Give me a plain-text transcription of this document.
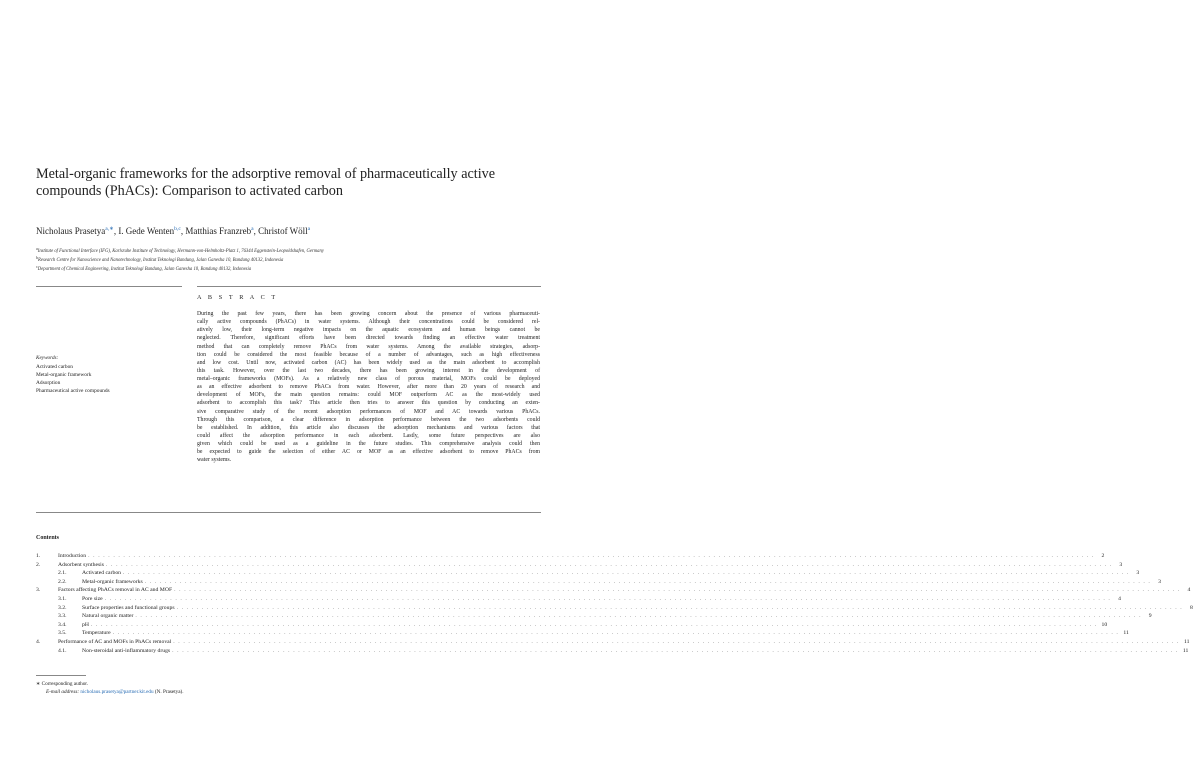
Metal-organic frameworks for the adsorptive removal of pharmaceutically active compounds (PhACs): Comparison to activated carbon
Nicholaus Prasetya$^{a,∗}$, I. Gede Wenten$^{b,c}$, Matthias Franzreb$^a$, Christof Wöll$^a$
$^a$Institute of Functional Interface (IFG), Karlsruhe Institute of Technology, Hermann-von-Helmholtz-Platz 1, 76344 Eggenstein-Leopoldshafen, Germany
$^b$Research Centre for Nanoscience and Nanotechnology, Institut Teknologi Bandung, Jalan Ganesha 10, Bandung 40132, Indonesia
$^c$Department of Chemical Engineering, Institut Teknologi Bandung, Jalan Ganesha 10, Bandung 40132, Indonesia
A B S T R A C T
Keywords:
Activated carbon
Metal-organic framework
Adsorption
Pharmaceutical active compounds
During the past few years, there has been growing concern about the presence of various pharmaceuti-
cally active compounds (PhACs) in water systems. Although their concentrations could be considered rel-
atively low, their long-term negative impacts on the aquatic ecosystem and human beings cannot be
neglected. Therefore, significant efforts have been directed towards finding an effective water treatment
method that can completely remove PhACs from water systems. Among the available strategies, adsorp-
tion could be considered the most feasible because of a number of advantages, such as high effectiveness
and low cost. Until now, activated carbon (AC) has been widely used as the main adsorbent to accomplish
this task. However, over the last two decades, there has been growing interest in the development of
metal–organic frameworks (MOFs). As a relatively new class of porous material, MOFs could be deployed
as an effective adsorbent to remove PhACs from water. However, after more than 20 years of research and
development of MOFs, the main question remains: could MOF outperform AC as the most-widely used
adsorbent to accomplish this task? This article then tries to answer this question by conducting an exten-
sive comparative study of the recent adsorption performances of MOF and AC towards various PhACs.
Through this comparison, a clear difference in adsorption performance between the two adsorbents could
be established. In addition, this article also discusses the adsorption mechanisms and various factors that
could affect the adsorption performance in each adsorbent. Lastly, some future perspectives are also
given which could be used as a guideline in the future studies. This comprehensive analysis could then
be expected to guide the selection of either AC or MOF as an effective adsorbent to remove PhACs from
water systems.
Contents
1.	Introduction . . . . . . . . . . . . . . . . . . . . . . . . . . . . . . . . . . . . . . . . . . . . . . . . . . . . . . . . . . . . . . . . . . . . . . . . . . . . . . . . . . . . . . . . . . . . . . . . . . . . . . . . . . . . . . . . . . . . . . . . . . . . . . . . . . . . . . . . . . . . . . . . . . . . . . . . . . . . . . . . . . . . . . . . . . . . . . . . . . . . . . . . . . . . . . . . . . . . . . . .	2
2.	Adsorbent synthesis . . . . . . . . . . . . . . . . . . . . . . . . . . . . . . . . . . . . . . . . . . . . . . . . . . . . . . . . . . . . . . . . . . . . . . . . . . . . . . . . . . . . . . . . . . . . . . . . . . . . . . . . . . . . . . . . . . . . . . . . . . . . . . . . . . . . . . . . . . . . . . . . . . . . . . . . . . . . . . . . . . . . . . . . . . . . . . . . . . . . . . . . . . . . . . . . . . . . . . . .	3
2.1.	Activated carbon . . . . . . . . . . . . . . . . . . . . . . . . . . . . . . . . . . . . . . . . . . . . . . . . . . . . . . . . . . . . . . . . . . . . . . . . . . . . . . . . . . . . . . . . . . . . . . . . . . . . . . . . . . . . . . . . . . . . . . . . . . . . . . . . . . . . . . . . . . . . . . . . . . . . . . . . . . . . . . . . . . . . . . . . . . . . . . . . . . . . . . . . . . . . . . . . . . . . . . . .	3
2.2.	Metal-organic frameworks . . . . . . . . . . . . . . . . . . . . . . . . . . . . . . . . . . . . . . . . . . . . . . . . . . . . . . . . . . . . . . . . . . . . . . . . . . . . . . . . . . . . . . . . . . . . . . . . . . . . . . . . . . . . . . . . . . . . . . . . . . . . . . . . . . . . . . . . . . . . . . . . . . . . . . . . . . . . . . . . . . . . . . . . . . . . . . . . . . . . . . . . . . . . . . . . . . . . . . . .	3
3.	Factors affecting PhACs removal in AC and MOF . . . . . . . . . . . . . . . . . . . . . . . . . . . . . . . . . . . . . . . . . . . . . . . . . . . . . . . . . . . . . . . . . . . . . . . . . . . . . . . . . . . . . . . . . . . . . . . . . . . . . . . . . . . . . . . . . . . . . . . . . . . . . . . . . . . . . . . . . . . . . . . . . . . . . . . . . . . . . . . . . . . . . . . . . . . . . . . . . . . . . . . . . . . . . . . . . . . . . . . .	4
3.1.	Pore size . . . . . . . . . . . . . . . . . . . . . . . . . . . . . . . . . . . . . . . . . . . . . . . . . . . . . . . . . . . . . . . . . . . . . . . . . . . . . . . . . . . . . . . . . . . . . . . . . . . . . . . . . . . . . . . . . . . . . . . . . . . . . . . . . . . . . . . . . . . . . . . . . . . . . . . . . . . . . . . . . . . . . . . . . . . . . . . . . . . . . . . . . . . . . . . . . . . . . . . .	4
3.2.	Surface properties and functional groups . . . . . . . . . . . . . . . . . . . . . . . . . . . . . . . . . . . . . . . . . . . . . . . . . . . . . . . . . . . . . . . . . . . . . . . . . . . . . . . . . . . . . . . . . . . . . . . . . . . . . . . . . . . . . . . . . . . . . . . . . . . . . . . . . . . . . . . . . . . . . . . . . . . . . . . . . . . . . . . . . . . . . . . . . . . . . . . . . . . . . . . . . . . . . . . . . . . . . . . .	8
3.3.	Natural organic matter . . . . . . . . . . . . . . . . . . . . . . . . . . . . . . . . . . . . . . . . . . . . . . . . . . . . . . . . . . . . . . . . . . . . . . . . . . . . . . . . . . . . . . . . . . . . . . . . . . . . . . . . . . . . . . . . . . . . . . . . . . . . . . . . . . . . . . . . . . . . . . . . . . . . . . . . . . . . . . . . . . . . . . . . . . . . . . . . . . . . . . . . . . . . . . . . . . . . . . . .	9
3.4.	pH . . . . . . . . . . . . . . . . . . . . . . . . . . . . . . . . . . . . . . . . . . . . . . . . . . . . . . . . . . . . . . . . . . . . . . . . . . . . . . . . . . . . . . . . . . . . . . . . . . . . . . . . . . . . . . . . . . . . . . . . . . . . . . . . . . . . . . . . . . . . . . . . . . . . . . . . . . . . . . . . . . . . . . . . . . . . . . . . . . . . . . . . . . . . . . . . . . . . . . . . 10
3.5.	Temperature . . . . . . . . . . . . . . . . . . . . . . . . . . . . . . . . . . . . . . . . . . . . . . . . . . . . . . . . . . . . . . . . . . . . . . . . . . . . . . . . . . . . . . . . . . . . . . . . . . . . . . . . . . . . . . . . . . . . . . . . . . . . . . . . . . . . . . . . . . . . . . . . . . . . . . . . . . . . . . . . . . . . . . . . . . . . . . . . . . . . . . . . . . . . . . . . . . . . . . . . 11
4.	Performance of AC and MOFs in PhACs removal . . . . . . . . . . . . . . . . . . . . . . . . . . . . . . . . . . . . . . . . . . . . . . . . . . . . . . . . . . . . . . . . . . . . . . . . . . . . . . . . . . . . . . . . . . . . . . . . . . . . . . . . . . . . . . . . . . . . . . . . . . . . . . . . . . . . . . . . . . . . . . . . . . . . . . . . . . . . . . . . . . . . . . . . . . . . . . . . . . . . . . . . . . . . . . . . . . . . . . . . 11
4.1.	Non-steroidal anti-inflammatory drugs . . . . . . . . . . . . . . . . . . . . . . . . . . . . . . . . . . . . . . . . . . . . . . . . . . . . . . . . . . . . . . . . . . . . . . . . . . . . . . . . . . . . . . . . . . . . . . . . . . . . . . . . . . . . . . . . . . . . . . . . . . . . . . . . . . . . . . . . . . . . . . . . . . . . . . . . . . . . . . . . . . . . . . . . . . . . . . . . . . . . . . . . . . . . . . . . . . . . . . . . 11
∗ Corresponding author.
E-mail address: nicholaus.prasetya@partner.kit.edu (N. Prasetya).
